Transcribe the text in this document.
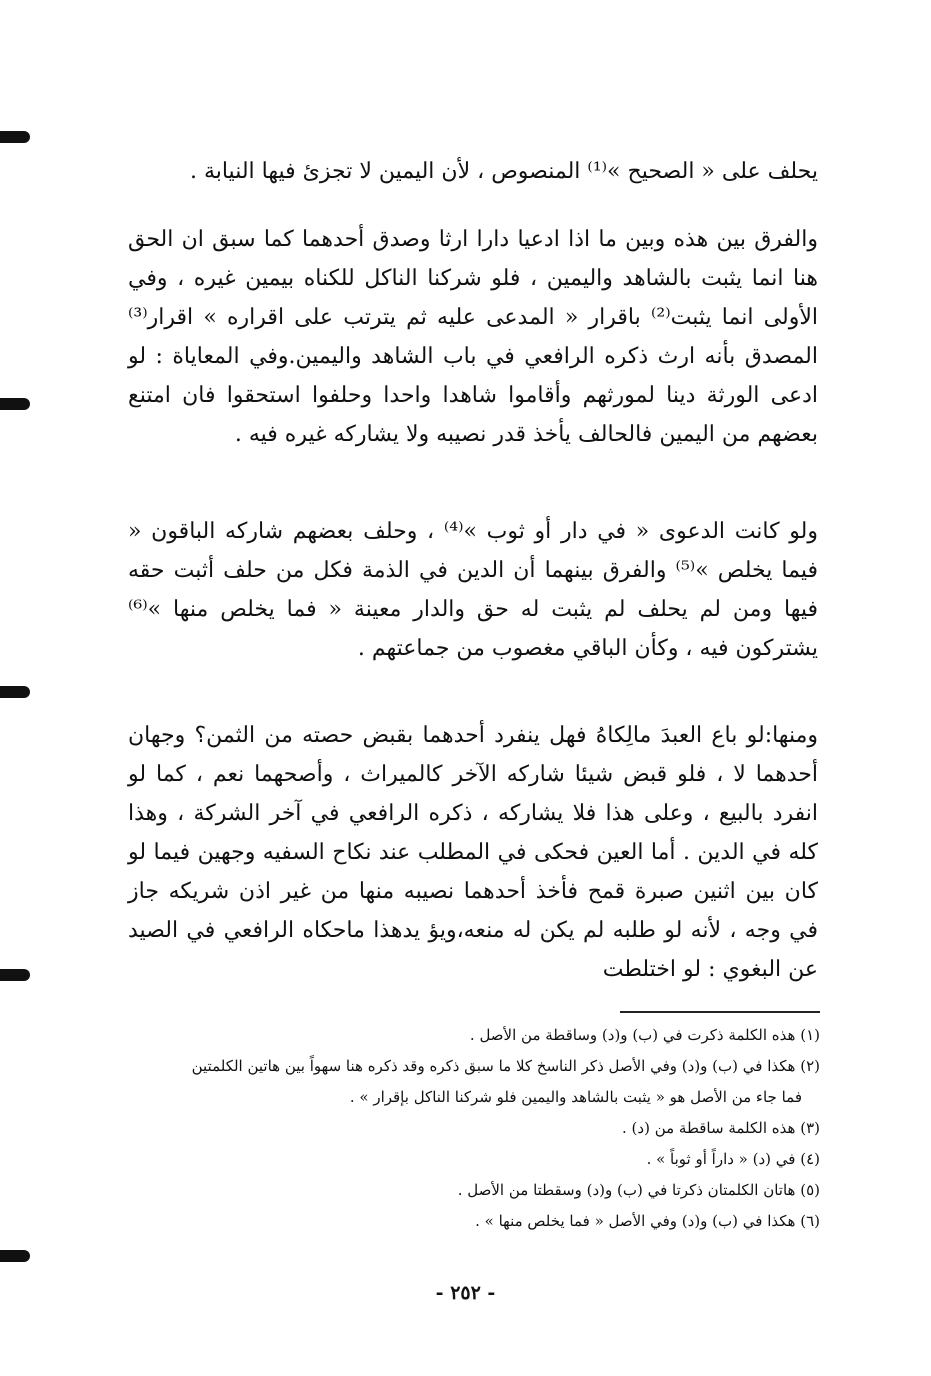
يحلف على « الصحيح »⁽¹⁾ المنصوص ، لأن اليمين لا تجزئ فيها النيابة .

والفرق بين هذه وبين ما اذا ادعيا دارا ارثا وصدق أحدهما كما سبق ان الحق هنا انما يثبت بالشاهد واليمين ، فلو شركنا الناكل للكناه بيمين غيره ، وفي الأولى انما يثبت⁽²⁾ باقرار « المدعى عليه ثم يترتب على اقراره » اقرار⁽³⁾ المصدق بأنه ارث ذكره الرافعي في باب الشاهد واليمين.وفي المعاياة : لو ادعى الورثة دينا لمورثهم وأقاموا شاهدا واحدا وحلفوا استحقوا فان امتنع بعضهم من اليمين فالحالف يأخذ قدر نصيبه ولا يشاركه غيره فيه .

ولو كانت الدعوى « في دار أو ثوب »⁽⁴⁾ ، وحلف بعضهم شاركه الباقون « فيما يخلص »⁽⁵⁾ والفرق بينهما أن الدين في الذمة فكل من حلف أثبت حقه فيها ومن لم يحلف لم يثبت له حق والدار معينة « فما يخلص منها »⁽⁶⁾ يشتركون فيه ، وكأن الباقي مغصوب من جماعتهم .

ومنها:لو باع العبدَ مالِكاهُ فهل ينفرد أحدهما بقبض حصته من الثمن؟ وجهان أحدهما لا ، فلو قبض شيئا شاركه الآخر كالميراث ، وأصحهما نعم ، كما لو انفرد بالبيع ، وعلى هذا فلا يشاركه ، ذكره الرافعي في آخر الشركة ، وهذا كله في الدين . أما العين فحكى في المطلب عند نكاح السفيه وجهين فيما لو كان بين اثنين صبرة قمح فأخذ أحدهما نصيبه منها من غير اذن شريكه جاز في وجه ، لأنه لو طلبه لم يكن له منعه،ويؤ يدهذا ماحكاه الرافعي في الصيد عن البغوي : لو اختلطت

(١) هذه الكلمة ذكرت في (ب) و(د) وساقطة من الأصل .

(٢) هكذا في (ب) و(د) وفي الأصل ذكر الناسخ كلا ما سبق ذكره وقد ذكره هنا سهواً بين هاتين الكلمتين

فما جاء من الأصل هو « يثبت بالشاهد واليمين فلو شركنا الناكل بإقرار » .

(٣) هذه الكلمة ساقطة من (د) .

(٤) في (د) « داراً أو ثوباً » .

(٥) هاتان الكلمتان ذكرتا في (ب) و(د) وسقطتا من الأصل .

(٦) هكذا في (ب) و(د) وفي الأصل « فما يخلص منها » .

- ٢٥٢ -
